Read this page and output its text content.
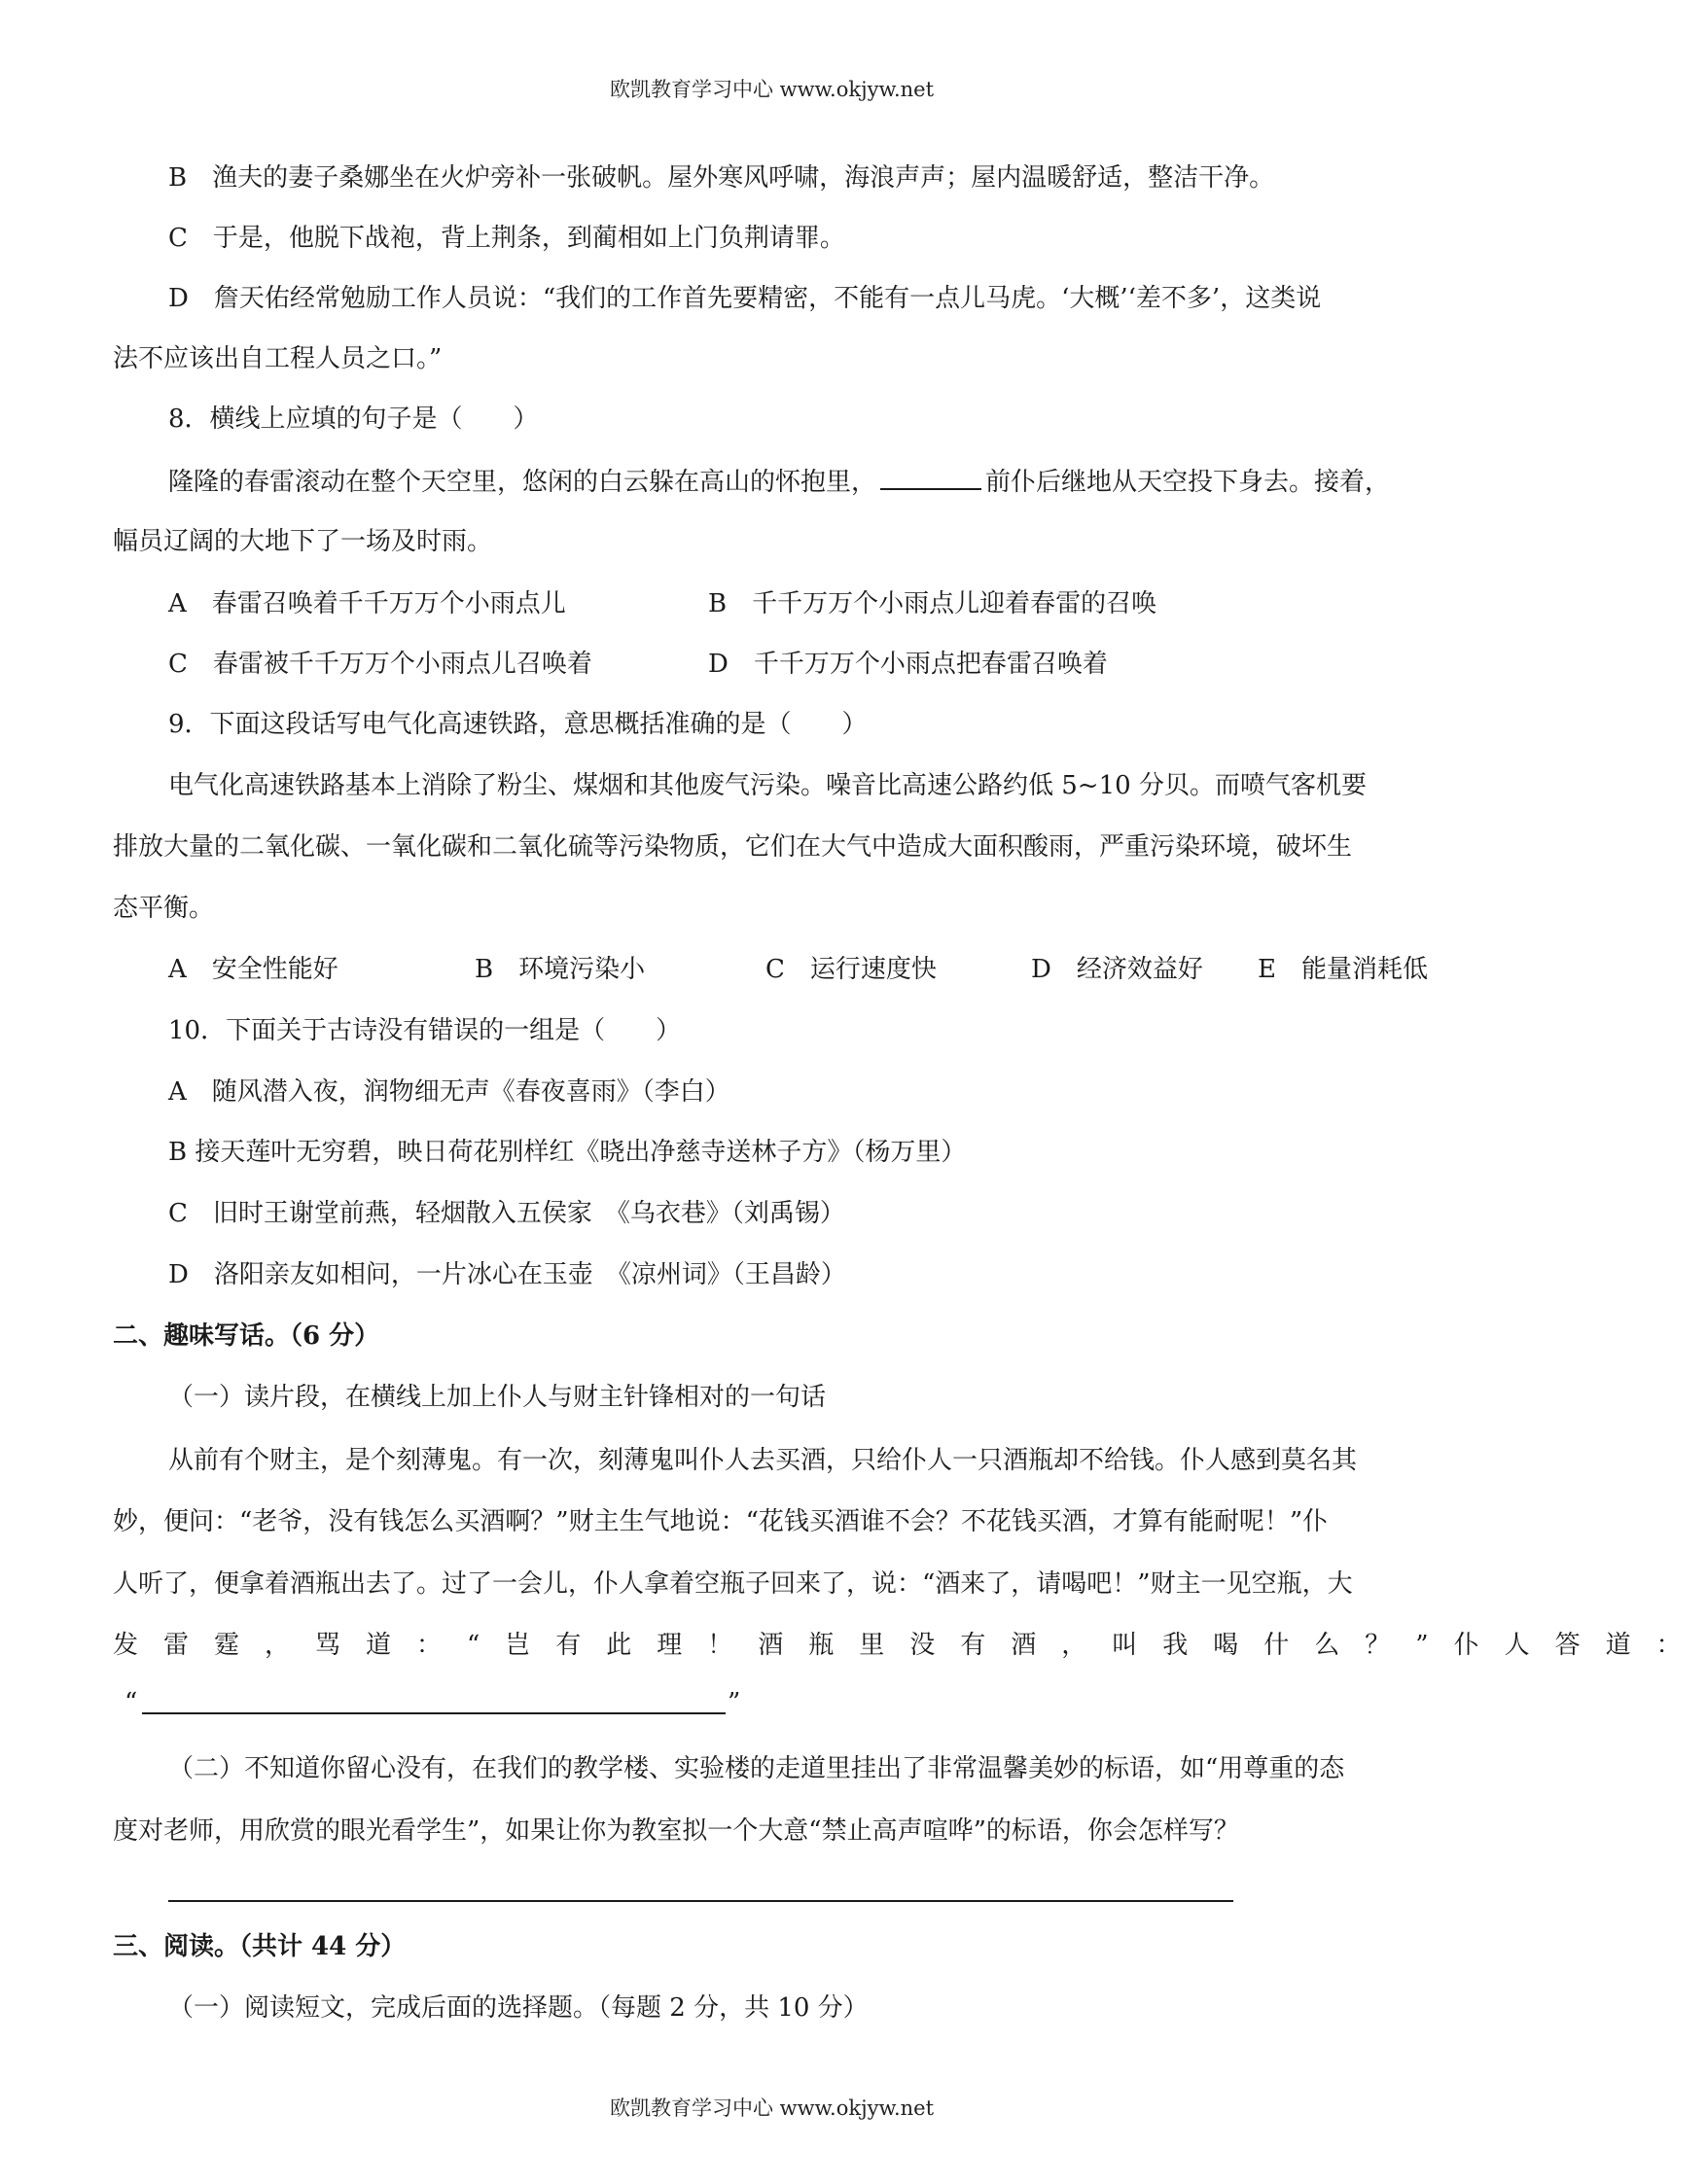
欧凯教育学习中心 www.okjyw.net
B　渔夫的妻子桑娜坐在火炉旁补一张破帆。屋外寒风呼啸，海浪声声；屋内温暖舒适，整洁干净。
C　于是，他脱下战袍，背上荆条，到蔺相如上门负荆请罪。
D　詹天佑经常勉励工作人员说：“我们的工作首先要精密，不能有一点儿马虎。‘大概’‘差不多’，这类说
法不应该出自工程人员之口。”
8．横线上应填的句子是（　　）
隆隆的春雷滚动在整个天空里，悠闲的白云躲在高山的怀抱里，	前仆后继地从天空投下身去。接着，
幅员辽阔的大地下了一场及时雨。
A　春雷召唤着千千万万个小雨点儿	B　千千万万个小雨点儿迎着春雷的召唤
C　春雷被千千万万个小雨点儿召唤着	D　千千万万个小雨点把春雷召唤着
9．下面这段话写电气化高速铁路，意思概括准确的是（　　）
电气化高速铁路基本上消除了粉尘、煤烟和其他废气污染。噪音比高速公路约低 5~10 分贝。而喷气客机要
排放大量的二氧化碳、一氧化碳和二氧化硫等污染物质，它们在大气中造成大面积酸雨，严重污染环境，破坏生
态平衡。
A　安全性能好	B　环境污染小	C　运行速度快	D　经济效益好 E　能量消耗低
10．下面关于古诗没有错误的一组是（　　）
A　随风潜入夜，润物细无声《春夜喜雨》（李白）
B 接天莲叶无穷碧，映日荷花别样红《晓出净慈寺送林子方》（杨万里）
C　旧时王谢堂前燕，轻烟散入五侯家　《乌衣巷》（刘禹锡）
D　洛阳亲友如相问，一片冰心在玉壶　《凉州词》（王昌龄）
二、趣味写话。（6 分）
（一）读片段，在横线上加上仆人与财主针锋相对的一句话
从前有个财主，是个刻薄鬼。有一次，刻薄鬼叫仆人去买酒，只给仆人一只酒瓶却不给钱。仆人感到莫名其
妙，便问：“老爷，没有钱怎么买酒啊？”财主生气地说：“花钱买酒谁不会？不花钱买酒，才算有能耐呢！”仆
人听了，便拿着酒瓶出去了。过了一会儿，仆人拿着空瓶子回来了，说：“酒来了，请喝吧！”财主一见空瓶，大
发雷霆，骂道：“岂有此理！酒瓶里没有酒，叫我喝什么？”仆人答道：
“	”
（二）不知道你留心没有，在我们的教学楼、实验楼的走道里挂出了非常温馨美妙的标语，如“用尊重的态
度对老师，用欣赏的眼光看学生”，如果让你为教室拟一个大意“禁止高声喧哗”的标语，你会怎样写？
三、阅读。（共计 44 分）
（一）阅读短文，完成后面的选择题。（每题 2 分，共 10 分）
欧凯教育学习中心 www.okjyw.net
